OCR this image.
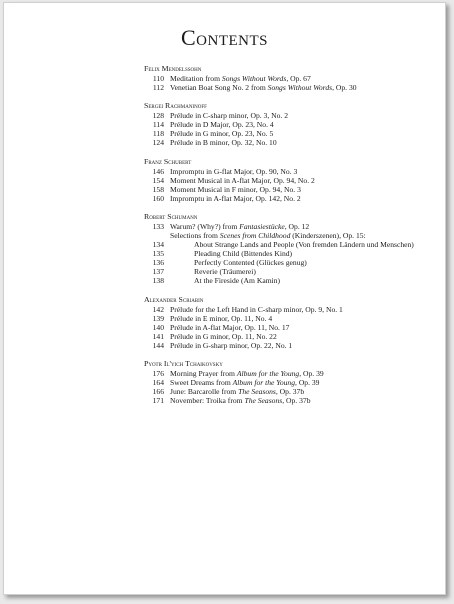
Contents
Felix Mendelssohn
110 Meditation from Songs Without Words, Op. 67
112 Venetian Boat Song No. 2 from Songs Without Words, Op. 30
Sergei Rachmaninoff
128 Prélude in C-sharp minor, Op. 3, No. 2
114 Prélude in D Major, Op. 23, No. 4
118 Prélude in G minor, Op. 23, No. 5
124 Prélude in B minor, Op. 32, No. 10
Franz Schubert
146 Impromptu in G-flat Major, Op. 90, No. 3
154 Moment Musical in A-flat Major, Op. 94, No. 2
158 Moment Musical in F minor, Op. 94, No. 3
160 Impromptu in A-flat Major, Op. 142, No. 2
Robert Schumann
133 Warum? (Why?) from Fantasiestücke, Op. 12
Selections from Scenes from Childhood (Kinderszenen), Op. 15:
134	About Strange Lands and People (Von fremden Ländern und Menschen)
135	Pleading Child (Bittendes Kind)
136	Perfectly Contented (Glückes genug)
137	Reverie (Träumerei)
138	At the Fireside (Am Kamin)
Alexander Scriabin
142 Prélude for the Left Hand in C-sharp minor, Op. 9, No. 1
139 Prélude in E minor, Op. 11, No. 4
140 Prélude in A-flat Major, Op. 11, No. 17
141 Prélude in G minor, Op. 11, No. 22
144 Prélude in G-sharp minor, Op. 22, No. 1
Pyotr Il'yich Tchaikovsky
176 Morning Prayer from Album for the Young, Op. 39
164 Sweet Dreams from Album for the Young, Op. 39
166 June: Barcarolle from The Seasons, Op. 37b
171 November: Troika from The Seasons, Op. 37b
